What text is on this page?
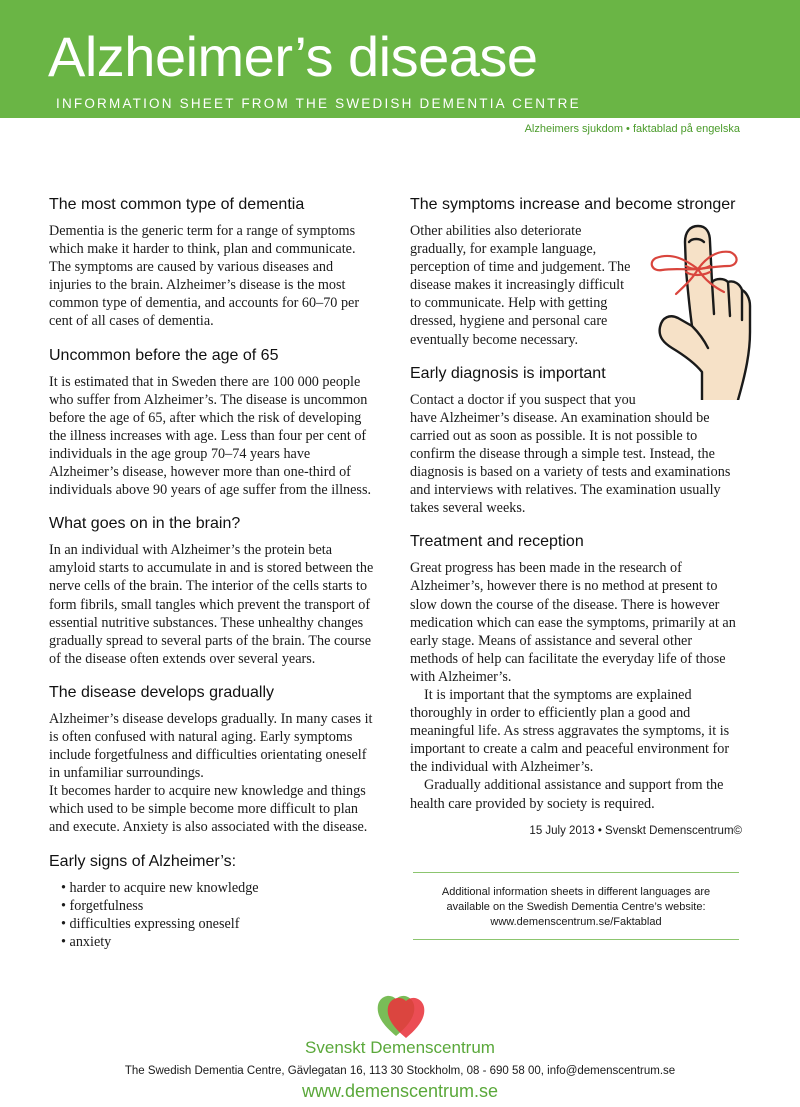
Alzheimer’s disease
INFORMATION SHEET FROM THE SWEDISH DEMENTIA CENTRE
Alzheimers sjukdom • faktablad på engelska
The most common type of dementia

Dementia is the generic term for a range of symptoms which make it harder to think, plan and communicate. The symptoms are caused by various diseases and injuries to the brain. Alzheimer’s disease is the most common type of dementia, and accounts for 60–70 per cent of all cases of dementia.

Uncommon before the age of 65

It is estimated that in Sweden there are 100 000 people who suffer from Alzheimer’s. The disease is uncommon before the age of 65, after which the risk of developing the illness increases with age. Less than four per cent of individuals in the age group 70–74 years have Alzheimer’s disease, however more than one-third of individuals above 90 years of age suffer from the illness.

What goes on in the brain?

In an individual with Alzheimer’s the protein beta amyloid starts to accumulate in and is stored between the nerve cells of the brain. The interior of the cells starts to form fibrils, small tangles which prevent the transport of essential nutritive substances. These unhealthy changes gradually spread to several parts of the brain. The course of the disease often extends over several years.

The disease develops gradually

Alzheimer’s disease develops gradually. In many cases it is often confused with natural aging. Early symptoms include forgetfulness and difficulties orientating oneself in unfamiliar surroundings.

It becomes harder to acquire new knowledge and things which used to be simple become more difficult to plan and execute. Anxiety is also associated with the disease.

Early signs of Alzheimer’s:
• harder to acquire new knowledge
• forgetfulness
• difficulties expressing oneself
• anxiety
The symptoms increase and become stronger

Other abilities also deteriorate gradually, for example language, perception of time and judgement. The disease makes it increasingly difficult to communicate. Help with getting dressed, hygiene and personal care eventually become necessary.

Early diagnosis is important

Contact a doctor if you suspect that you have Alzheimer’s disease. An examination should be carried out as soon as possible. It is not possible to confirm the disease through a simple test. Instead, the diagnosis is based on a variety of tests and examinations and interviews with relatives. The examination usually takes several weeks.

Treatment and reception

Great progress has been made in the research of Alzheimer’s, however there is no method at present to slow down the course of the disease. There is however medication which can ease the symptoms, primarily at an early stage. Means of assistance and several other methods of help can facilitate the everyday life of those with Alzheimer’s.

It is important that the symptoms are explained thoroughly in order to efficiently plan a good and meaningful life. As stress aggravates the symptoms, it is important to create a calm and peaceful environment for the individual with Alzheimer’s.

Gradually additional assistance and support from the health care provided by society is required.

15 July 2013 • Svenskt Demenscentrum©
Additional information sheets in different languages are
available on the Swedish Dementia Centre’s website:
www.demenscentrum.se/Faktablad
Svenskt Demenscentrum
The Swedish Dementia Centre, Gävlegatan 16, 113 30 Stockholm, 08 - 690 58 00, info@demenscentrum.se
www.demenscentrum.se
